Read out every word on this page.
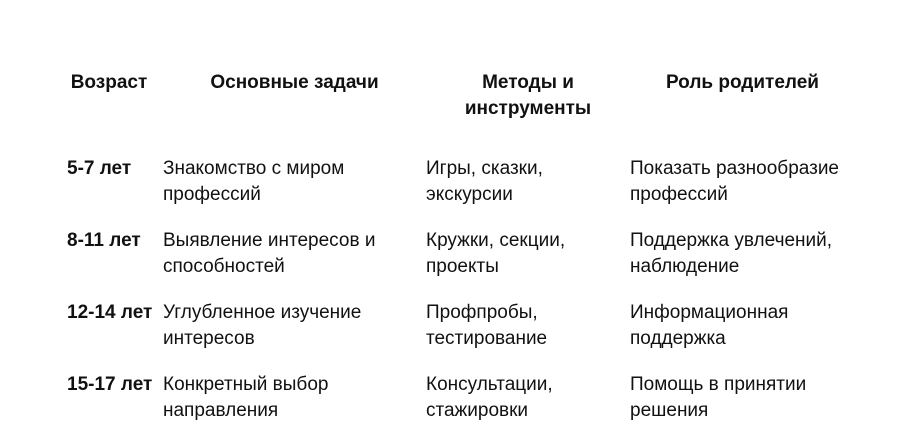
Возраст	Основные задачи	Методы и инструменты	Роль родителей
5-7 лет	Знакомство с миром профессий	Игры, сказки, экскурсии	Показать разнообразие профессий
8-11 лет	Выявление интересов и способностей	Кружки, секции, проекты	Поддержка увлечений, наблюдение
12-14 лет	Углубленное изучение интересов	Профпробы, тестирование	Информационная поддержка
15-17 лет	Конкретный выбор направления	Консультации, стажировки	Помощь в принятии решения
